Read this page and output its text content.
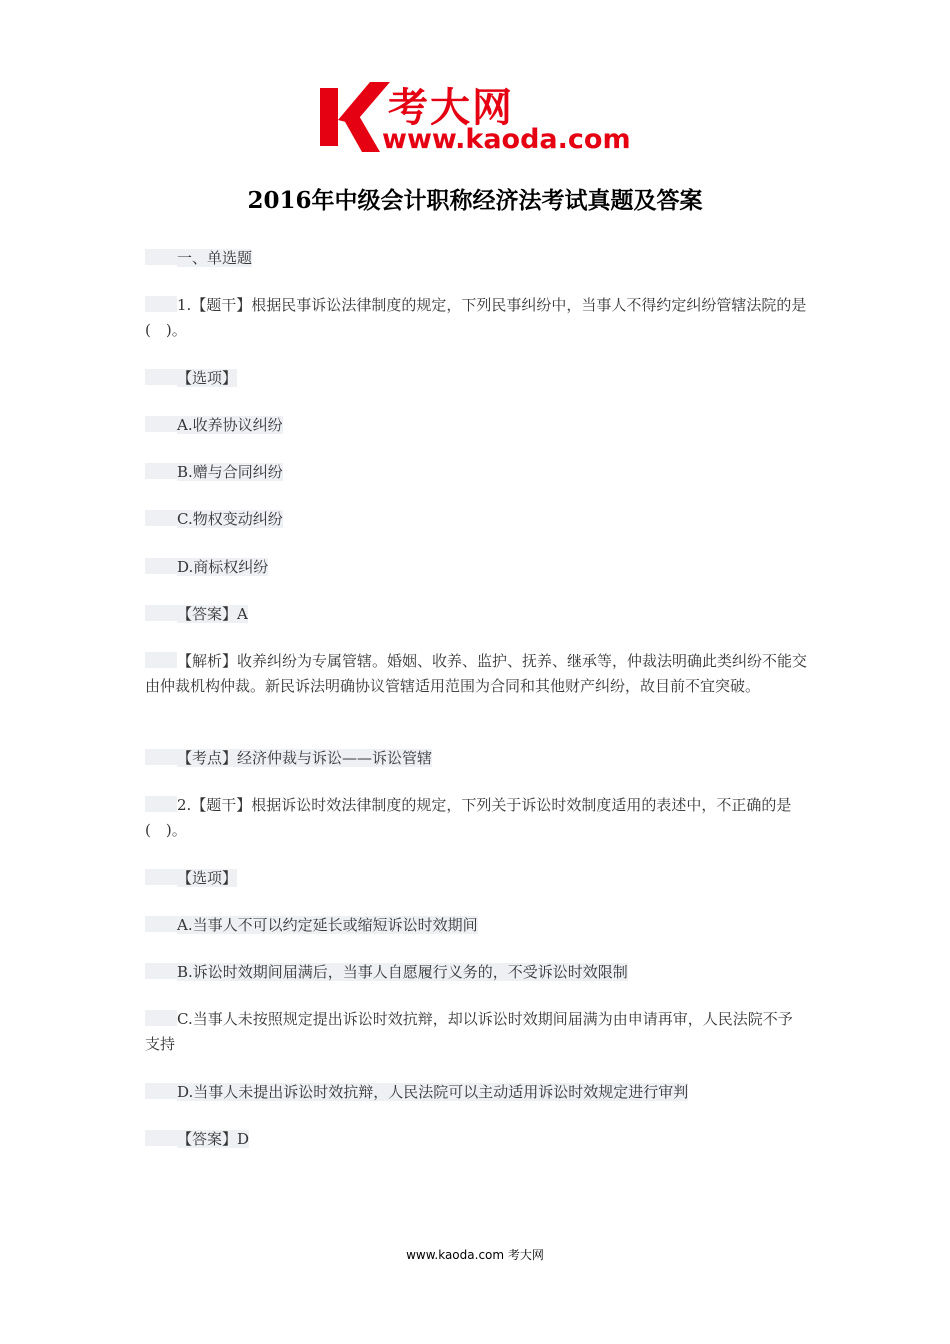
考大网
www.kaoda.com
2016年中级会计职称经济法考试真题及答案
一、单选题
1.【题干】根据民事诉讼法律制度的规定，下列民事纠纷中，当事人不得约定纠纷管辖法院的是(　)。
【选项】
A.收养协议纠纷
B.赠与合同纠纷
C.物权变动纠纷
D.商标权纠纷
【答案】A
【解析】收养纠纷为专属管辖。婚姻、收养、监护、抚养、继承等，仲裁法明确此类纠纷不能交由仲裁机构仲裁。新民诉法明确协议管辖适用范围为合同和其他财产纠纷，故目前不宜突破。
【考点】经济仲裁与诉讼——诉讼管辖
2.【题干】根据诉讼时效法律制度的规定，下列关于诉讼时效制度适用的表述中，不正确的是(　)。
【选项】
A.当事人不可以约定延长或缩短诉讼时效期间
B.诉讼时效期间届满后，当事人自愿履行义务的，不受诉讼时效限制
C.当事人未按照规定提出诉讼时效抗辩，却以诉讼时效期间届满为由申请再审，人民法院不予支持
D.当事人未提出诉讼时效抗辩，人民法院可以主动适用诉讼时效规定进行审判
【答案】D
www.kaoda.com 考大网
